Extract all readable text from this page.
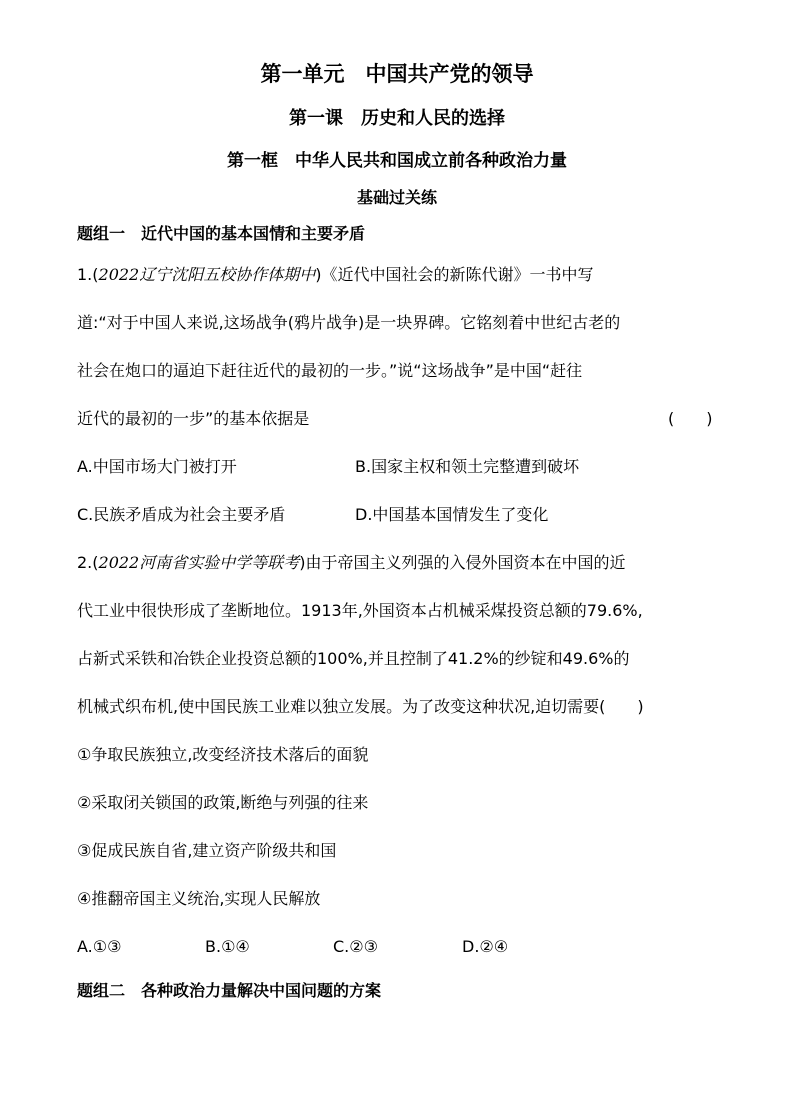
第一单元　中国共产党的领导
第一课　历史和人民的选择
第一框　中华人民共和国成立前各种政治力量
基础过关练
题组一　近代中国的基本国情和主要矛盾
1.(2022辽宁沈阳五校协作体期中)《近代中国社会的新陈代谢》一书中写
道:“对于中国人来说,这场战争(鸦片战争)是一块界碑。它铭刻着中世纪古老的
社会在炮口的逼迫下赶往近代的最初的一步。”说“这场战争”是中国“赶往
近代的最初的一步”的基本依据是	(　　)
A.中国市场大门被打开	B.国家主权和领土完整遭到破坏
C.民族矛盾成为社会主要矛盾	D.中国基本国情发生了变化
2.(2022河南省实验中学等联考)由于帝国主义列强的入侵外国资本在中国的近
代工业中很快形成了垄断地位。1913年,外国资本占机械采煤投资总额的79.6%,
占新式采铁和冶铁企业投资总额的100%,并且控制了41.2%的纱锭和49.6%的
机械式织布机,使中国民族工业难以独立发展。为了改变这种状况,迫切需要(　　)
①争取民族独立,改变经济技术落后的面貌
②采取闭关锁国的政策,断绝与列强的往来
③促成民族自省,建立资产阶级共和国
④推翻帝国主义统治,实现人民解放
A.①③	B.①④	C.②③	D.②④
题组二　各种政治力量解决中国问题的方案
